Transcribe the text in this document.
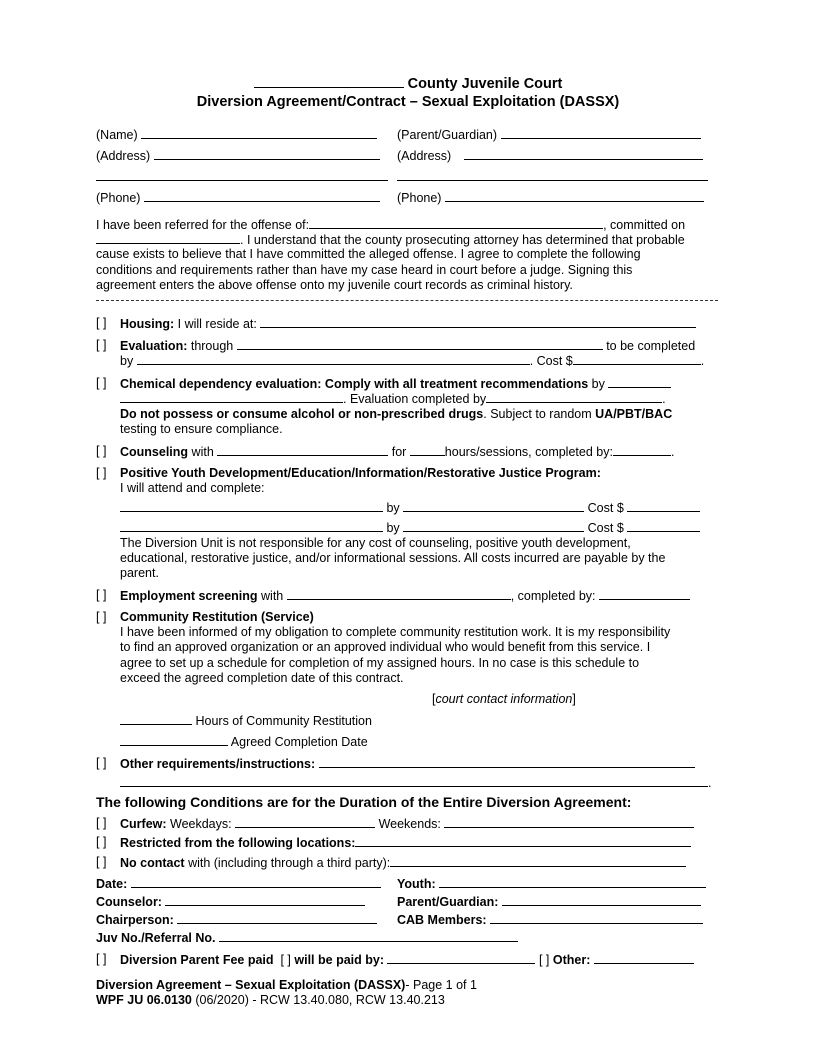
County Juvenile Court
Diversion Agreement/Contract – Sexual Exploitation (DASSX)
(Name)	(Parent/Guardian)
(Address)	(Address)
(Phone)	(Phone)
I have been referred for the offense of:	, committed on
. I understand that the county prosecuting attorney has determined that probable
cause exists to believe that I have committed the alleged offense. I agree to complete the following
conditions and requirements rather than have my case heard in court before a judge. Signing this
agreement enters the above offense onto my juvenile court records as criminal history.
[ ] Housing: I will reside at:
[ ] Evaluation: through	to be completed
by	. Cost $	.
[ ] Chemical dependency evaluation: Comply with all treatment recommendations by
. Evaluation completed by	.
Do not possess or consume alcohol or non-prescribed drugs. Subject to random UA/PBT/BAC
testing to ensure compliance.
[ ] Counseling with	for	hours/sessions, completed by:	.
[ ] Positive Youth Development/Education/Information/Restorative Justice Program:
I will attend and complete:
by	Cost $
by	Cost $
The Diversion Unit is not responsible for any cost of counseling, positive youth development,
educational, restorative justice, and/or informational sessions. All costs incurred are payable by the
parent.
[ ] Employment screening with	, completed by:
[ ] Community Restitution (Service)
I have been informed of my obligation to complete community restitution work. It is my responsibility
to find an approved organization or an approved individual who would benefit from this service. I
agree to set up a schedule for completion of my assigned hours. In no case is this schedule to
exceed the agreed completion date of this contract.
[court contact information]
Hours of Community Restitution
Agreed Completion Date
[ ] Other requirements/instructions:
.
The following Conditions are for the Duration of the Entire Diversion Agreement:
[ ] Curfew: Weekdays:	Weekends:
[ ] Restricted from the following locations:
[ ] No contact with (including through a third party):
Date:	Youth:
Counselor:	Parent/Guardian:
Chairperson:	CAB Members:
Juv No./Referral No.
[ ] Diversion Parent Fee paid [ ] will be paid by:	[ ] Other:
Diversion Agreement – Sexual Exploitation (DASSX)- Page 1 of 1
WPF JU 06.0130 (06/2020) - RCW 13.40.080, RCW 13.40.213
